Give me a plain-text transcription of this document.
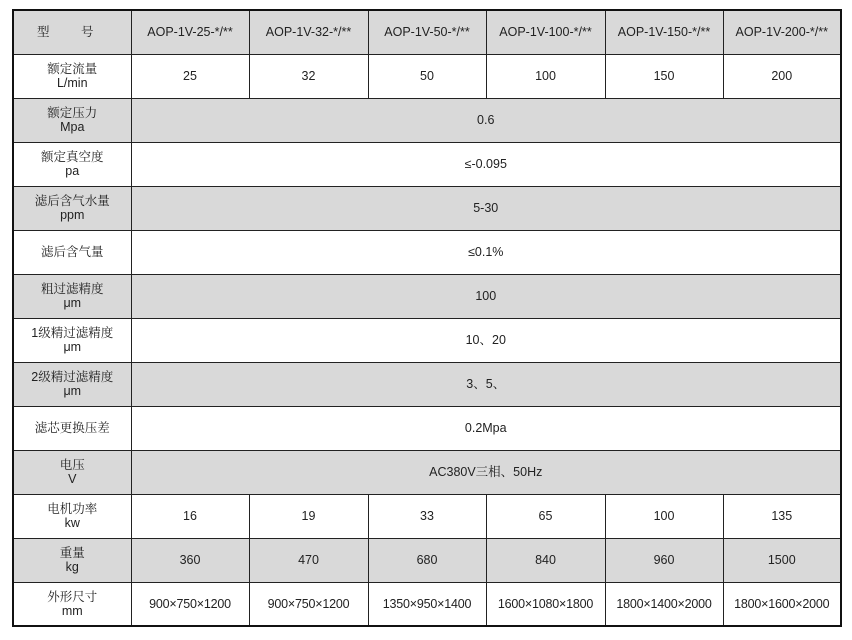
型 号	AOP-1V-25-*/**	AOP-1V-32-*/**	AOP-1V-50-*/**	AOP-1V-100-*/**	AOP-1V-150-*/**	AOP-1V-200-*/**

额定流量
L/min	25	32	50	100	150	200

额定压力
Mpa	0.6					

额定真空度
pa	≤-0.095					

滤后含气水量
ppm	5-30					

滤后含气量	≤0.1%					

粗过滤精度
μm	100					

1级精过滤精度
μm	10、20					

2级精过滤精度
μm	3、5、					

滤芯更换压差	0.2Mpa					

电压
V	AC380V三相、50Hz					

电机功率
kw	16	19	33	65	100	135

重量
kg	360	470	680	840	960	1500

外形尺寸
mm	900×750×1200	900×750×1200	1350×950×1400	1600×1080×1800	1800×1400×2000	1800×1600×2000
